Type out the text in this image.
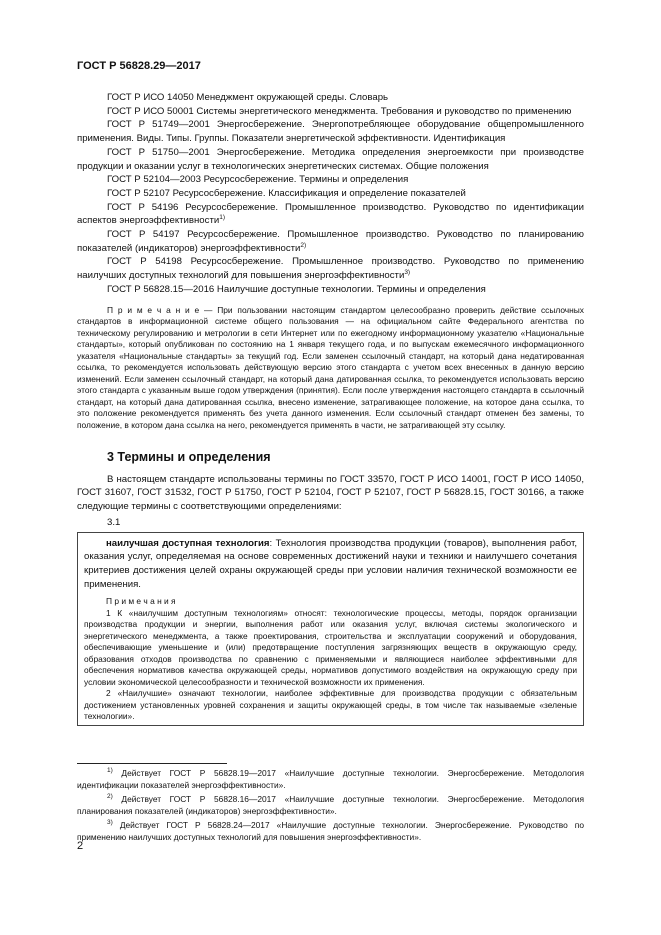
ГОСТ Р 56828.29—2017

ГОСТ Р ИСО 14050 Менеджмент окружающей среды. Словарь

ГОСТ Р ИСО 50001 Системы энергетического менеджмента. Требования и руководство по применению

ГОСТ Р 51749—2001 Энергосбережение. Энергопотребляющее оборудование общепромышленного применения. Виды. Типы. Группы. Показатели энергетической эффективности. Идентификация

ГОСТ Р 51750—2001 Энергосбережение. Методика определения энергоемкости при производстве продукции и оказании услуг в технологических энергетических системах. Общие положения

ГОСТ Р 52104—2003 Ресурсосбережение. Термины и определения

ГОСТ Р 52107 Ресурсосбережение. Классификация и определение показателей

ГОСТ Р 54196 Ресурсосбережение. Промышленное производство. Руководство по идентификации аспектов энергоэффективности$^{1)}$

ГОСТ Р 54197 Ресурсосбережение. Промышленное производство. Руководство по планированию показателей (индикаторов) энергоэффективности$^{2)}$

ГОСТ Р 54198 Ресурсосбережение. Промышленное производство. Руководство по применению наилучших доступных технологий для повышения энергоэффективности$^{3)}$

ГОСТ Р 56828.15—2016 Наилучшие доступные технологии. Термины и определения

П р и м е ч а н и е — При пользовании настоящим стандартом целесообразно проверить действие ссылочных стандартов в информационной системе общего пользования — на официальном сайте Федерального агентства по техническому регулированию и метрологии в сети Интернет или по ежегодному информационному указателю «Национальные стандарты», который опубликован по состоянию на 1 января текущего года, и по выпускам ежемесячного информационного указателя «Национальные стандарты» за текущий год. Если заменен ссылочный стандарт, на который дана недатированная ссылка, то рекомендуется использовать действующую версию этого стандарта с учетом всех внесенных в данную версию изменений. Если заменен ссылочный стандарт, на который дана датированная ссылка, то рекомендуется использовать версию этого стандарта с указанным выше годом утверждения (принятия). Если после утверждения настоящего стандарта в ссылочный стандарт, на который дана датированная ссылка, внесено изменение, затрагивающее положение, на которое дана ссылка, то это положение рекомендуется применять без учета данного изменения. Если ссылочный стандарт отменен без замены, то положение, в котором дана ссылка на него, рекомендуется применять в части, не затрагивающей эту ссылку.

3 Термины и определения

В настоящем стандарте использованы термины по ГОСТ 33570, ГОСТ Р ИСО 14001, ГОСТ Р ИСО 14050, ГОСТ 31607, ГОСТ 31532, ГОСТ Р 51750, ГОСТ Р 52104, ГОСТ Р 52107, ГОСТ Р 56828.15, ГОСТ 30166, а также следующие термины с соответствующими определениями:

3.1

наилучшая доступная технология: Технология производства продукции (товаров), выполнения работ, оказания услуг, определяемая на основе современных достижений науки и техники и наилучшего сочетания критериев достижения целей охраны окружающей среды при условии наличия технической возможности ее применения.

П р и м е ч а н и я

1 К «наилучшим доступным технологиям» относят: технологические процессы, методы, порядок организации производства продукции и энергии, выполнения работ или оказания услуг, включая системы экологического и энергетического менеджмента, а также проектирования, строительства и эксплуатации сооружений и оборудования, обеспечивающие уменьшение и (или) предотвращение поступления загрязняющих веществ в окружающую среду, образования отходов производства по сравнению с применяемыми и являющиеся наиболее эффективными для обеспечения нормативов качества окружающей среды, нормативов допустимого воздействия на окружающую среду при условии экономической целесообразности и технической возможности их применения.

2 «Наилучшие» означают технологии, наиболее эффективные для производства продукции с обязательным достижением установленных уровней сохранения и защиты окружающей среды, в том числе так называемые «зеленые технологии».

$^{1)}$ Действует ГОСТ Р 56828.19—2017 «Наилучшие доступные технологии. Энергосбережение. Методология идентификации показателей энергоэффективности».

$^{2)}$ Действует ГОСТ Р 56828.16—2017 «Наилучшие доступные технологии. Энергосбережение. Методология планирования показателей (индикаторов) энергоэффективности».

$^{3)}$ Действует ГОСТ Р 56828.24—2017 «Наилучшие доступные технологии. Энергосбережение. Руководство по применению наилучших доступных технологий для повышения энергоэффективности».

2
